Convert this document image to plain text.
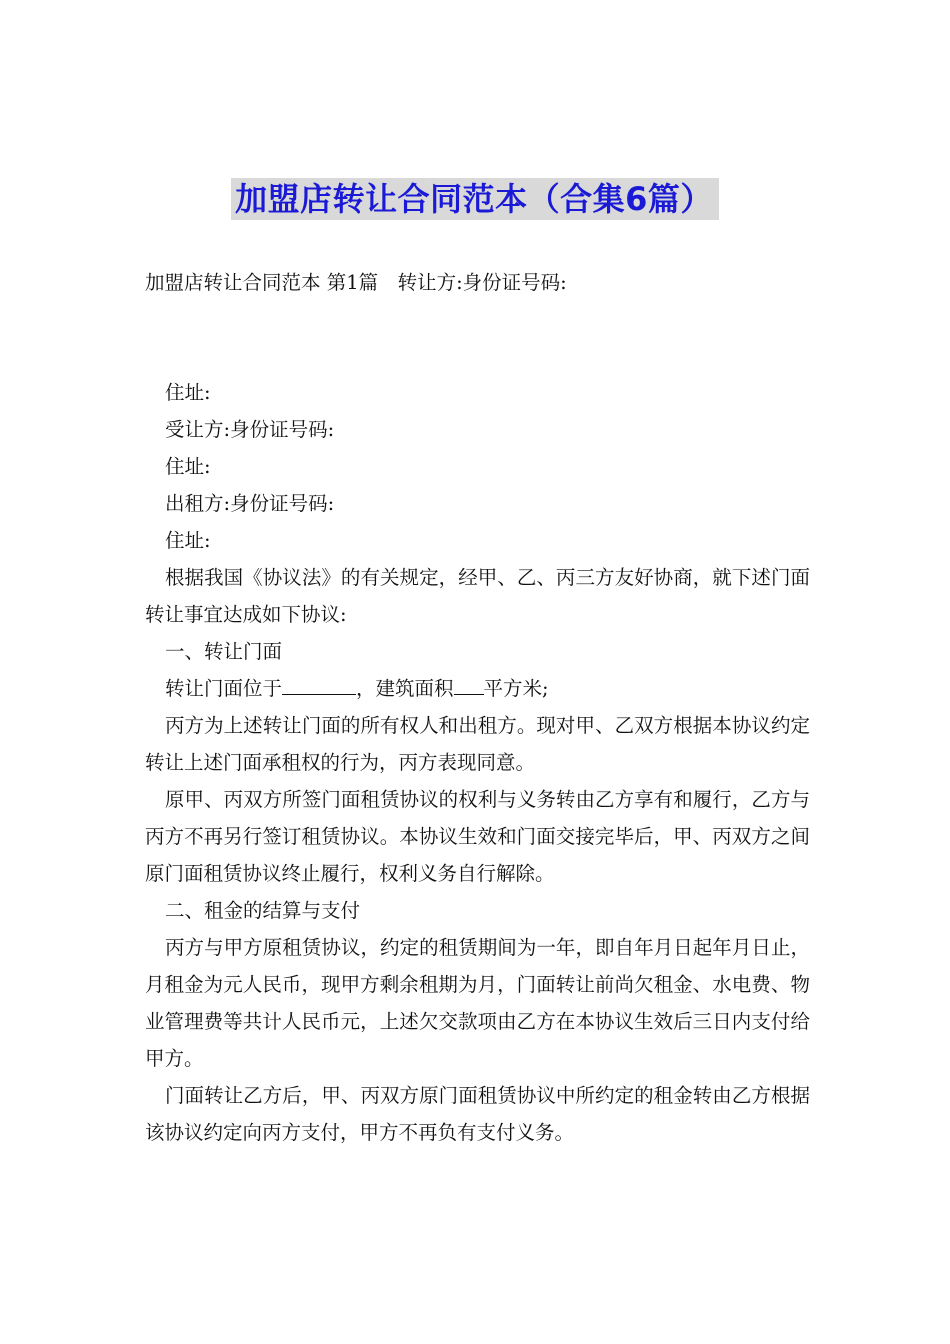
加盟店转让合同范本（合集6篇）

加盟店转让合同范本 第1篇　转让方:身份证号码:

住址:

受让方:身份证号码:

住址:

出租方:身份证号码:

住址:

根据我国《协议法》的有关规定，经甲、乙、丙三方友好协商，就下述门面转让事宜达成如下协议:

一、转让门面

转让门面位于	，建筑面积 平方米;

丙方为上述转让门面的所有权人和出租方。现对甲、乙双方根据本协议约定转让上述门面承租权的行为，丙方表现同意。

原甲、丙双方所签门面租赁协议的权利与义务转由乙方享有和履行，乙方与丙方不再另行签订租赁协议。本协议生效和门面交接完毕后，甲、丙双方之间原门面租赁协议终止履行，权利义务自行解除。

二、租金的结算与支付

丙方与甲方原租赁协议，约定的租赁期间为一年，即自年月日起年月日止，月租金为元人民币，现甲方剩余租期为月，门面转让前尚欠租金、水电费、物业管理费等共计人民币元，上述欠交款项由乙方在本协议生效后三日内支付给甲方。

门面转让乙方后，甲、丙双方原门面租赁协议中所约定的租金转由乙方根据该协议约定向丙方支付，甲方不再负有支付义务。
